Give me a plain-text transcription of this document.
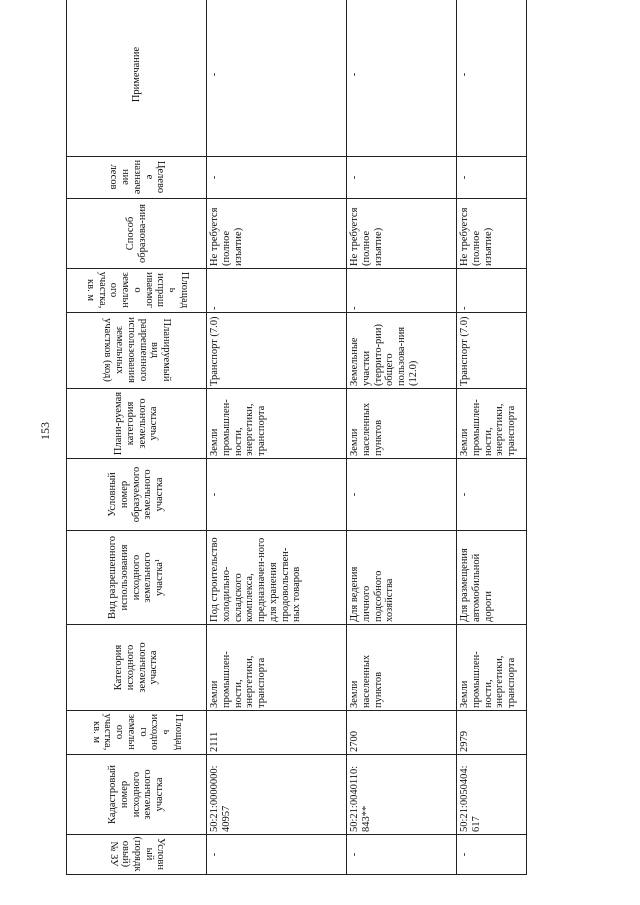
153
Условный (порядковый) № ЗУ	Кадастровый номер исходного земельного участка	Площадь исходного земельного участка, кв. м	Категория исходного земельного участка	Вид разрешенного использования исходного земельного участка¹	Условный номер образуемого земельного участка	Плани-руемая категория земельного участка	Планируемый вид разрешенного использования земельных участков (код)	Площадь испрашиваемого земельного участка, кв. м	Способ образова-ния	Целевое назначение лесов	Примечание
-	50:21:0000000: 40957	2111	Земли промышлен-ности, энергетики, транспорта	Под строительство холодильно-складского комплекса, предназначен-ного для хранения продовольствен-ных товаров	-	Земли промышлен-ности, энергетики, транспорта	Транспорт (7.0)	-	Не требуется (полное изъятие)	-	-
-	50:21:0040110: 843**	2700	Земли населенных пунктов	Для ведения личного подсобного хозяйства	-	Земли населенных пунктов	Земельные участки (террито-рии) общего пользова-ния (12.0)	-	Не требуется (полное изъятие)	-	-
-	50:21:0050404: 617	2979	Земли промышлен-ности, энергетики, транспорта	Для размещения автомобильной дороги	-	Земли промышлен-ности, энергетики, транспорта	Транспорт (7.0)	-	Не требуется (полное изъятие)	-	-
